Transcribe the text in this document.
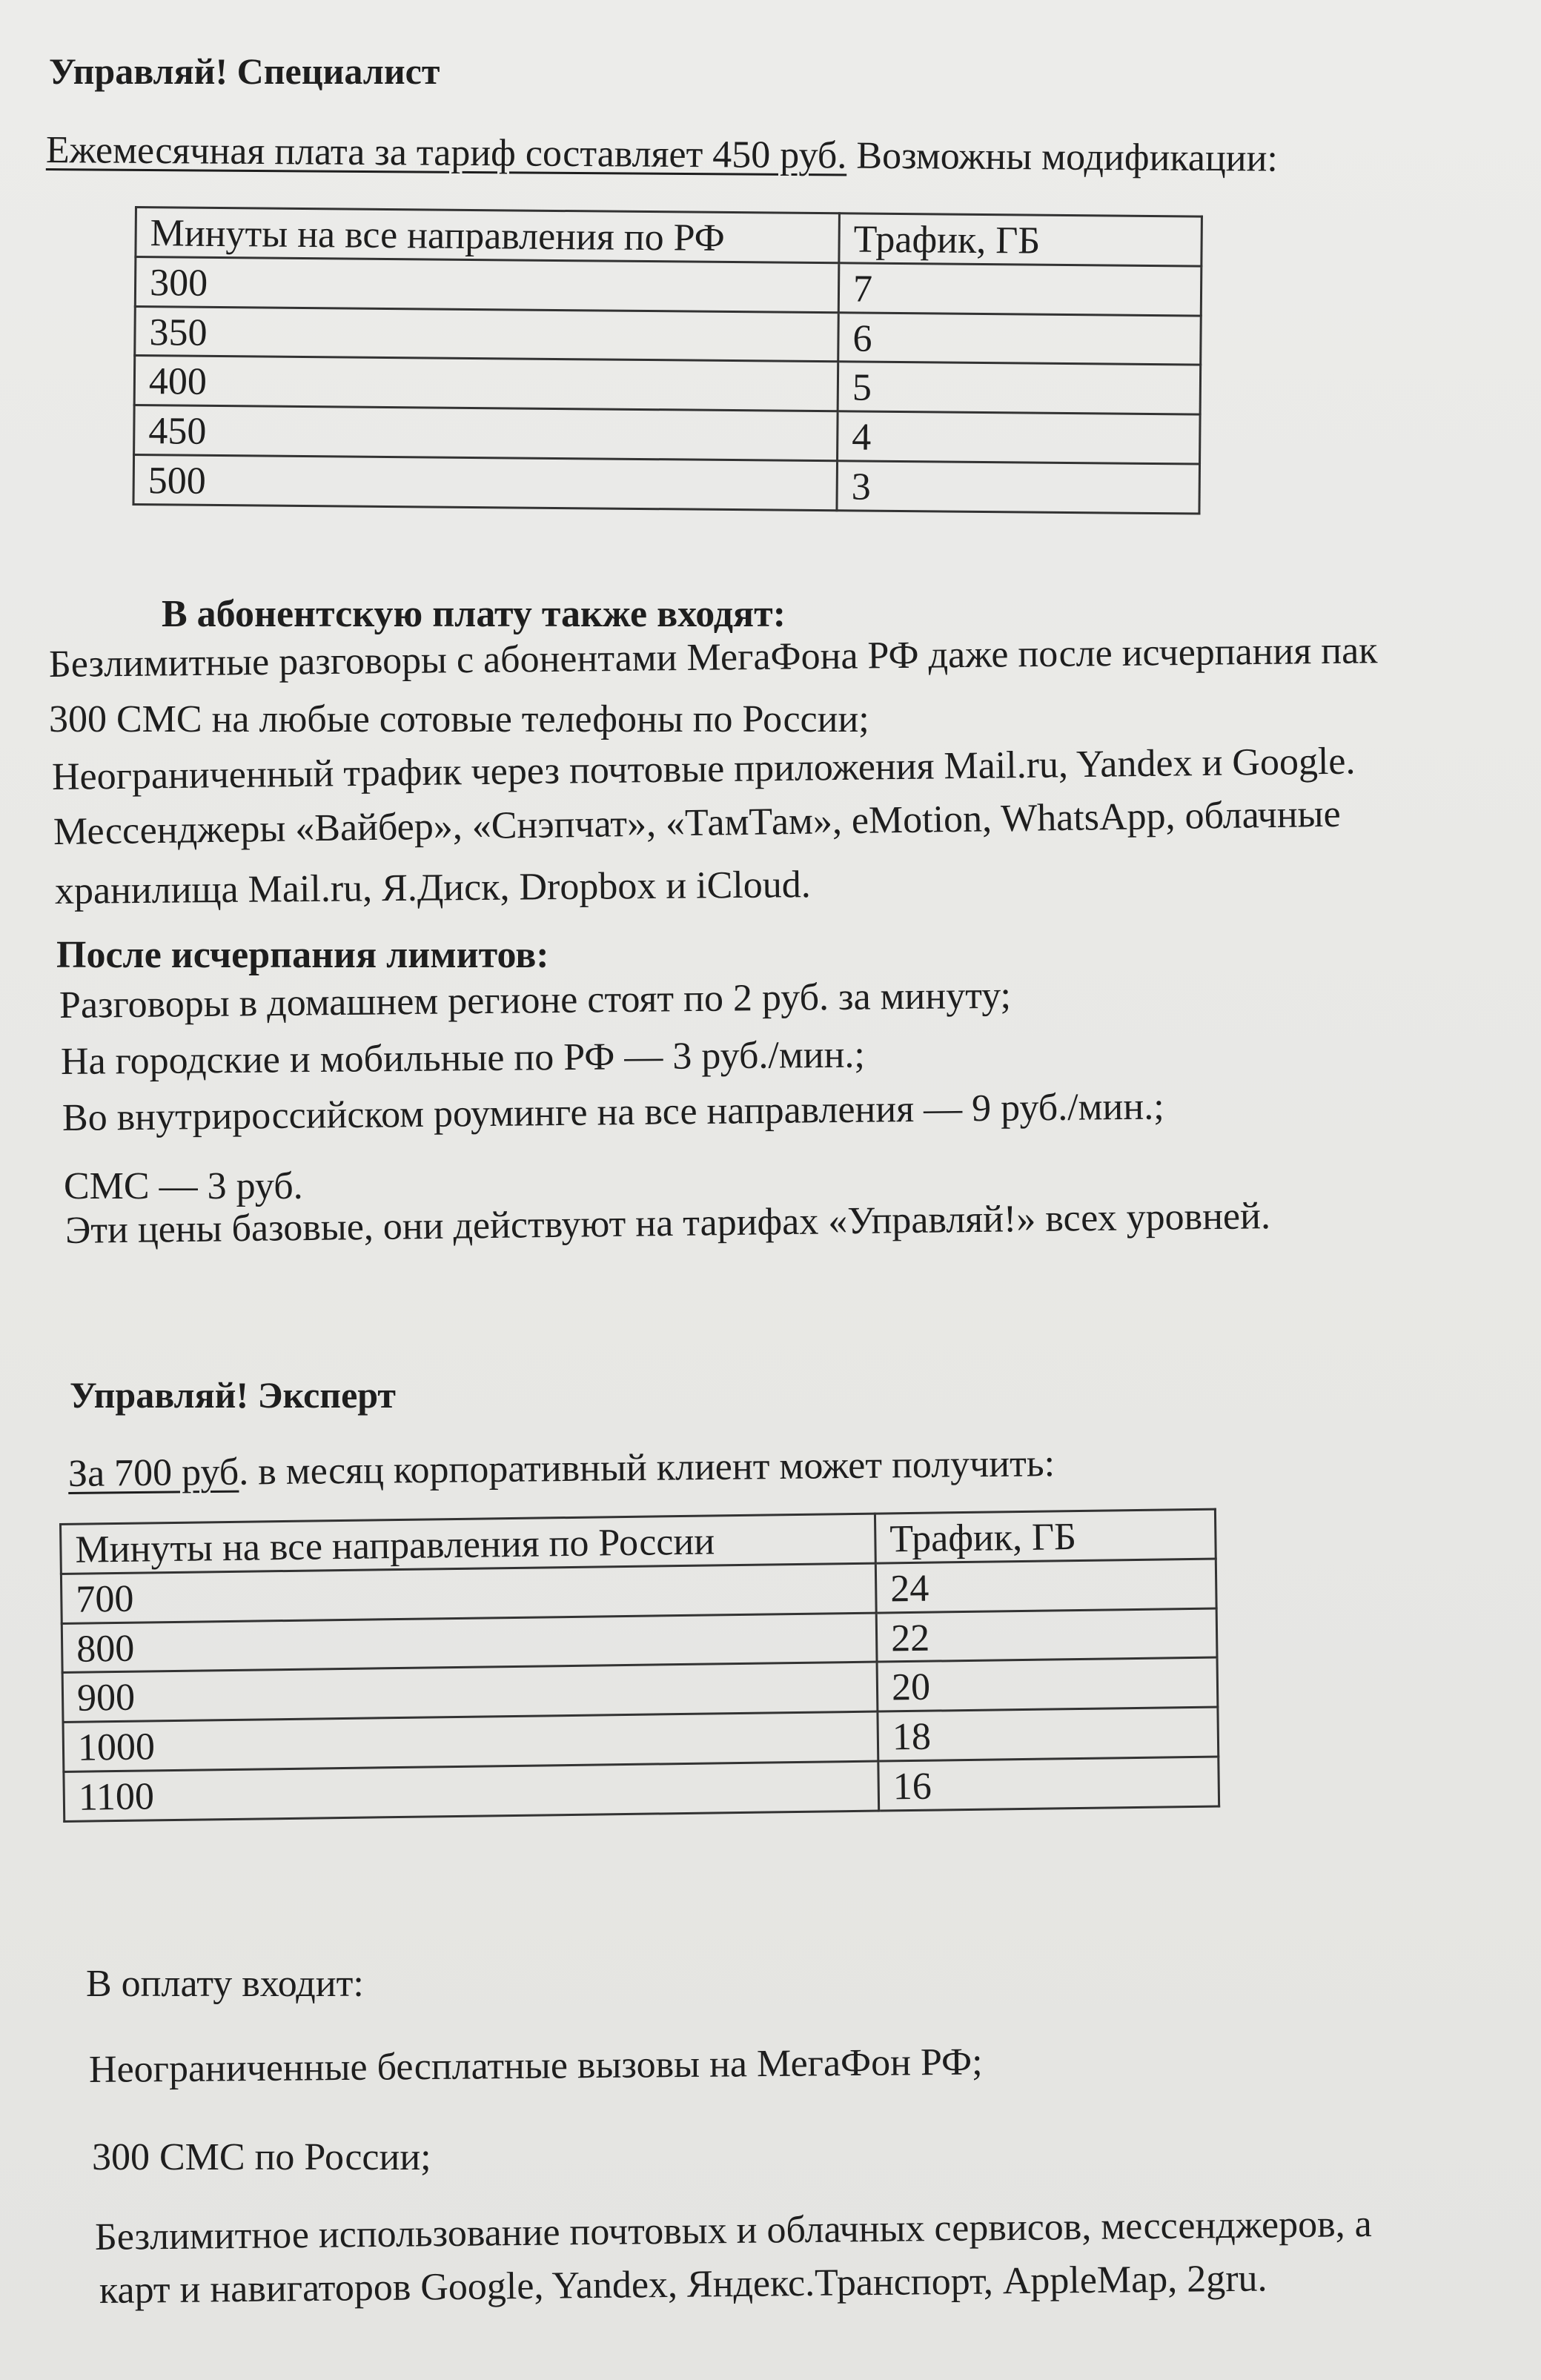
Управляй! Специалист
Ежемесячная плата за тариф составляет 450 руб. Возможны модификации:
Минуты на все направления по РФ	Трафик, ГБ
300	7
350	6
400	5
450	4
500	3
В абонентскую плату также входят:
Безлимитные разговоры с абонентами МегаФона РФ даже после исчерпания пак
300 СМС на любые сотовые телефоны по России;
Неограниченный трафик через почтовые приложения Mail.ru, Yandex и Google.
Мессенджеры «Вайбер», «Снэпчат», «ТамТам», eMotion, WhatsApp, облачные
хранилища Mail.ru, Я.Диск, Dropbox и iCloud.
После исчерпания лимитов:
Разговоры в домашнем регионе стоят по 2 руб. за минуту;
На городские и мобильные по РФ — 3 руб./мин.;
Во внутрироссийском роуминге на все направления — 9 руб./мин.;
СМС — 3 руб.
Эти цены базовые, они действуют на тарифах «Управляй!» всех уровней.
Управляй! Эксперт
За 700 руб. в месяц корпоративный клиент может получить:
Минуты на все направления по России	Трафик, ГБ
700	24
800	22
900	20
1000	18
1100	16
В оплату входит:
Неограниченные бесплатные вызовы на МегаФон РФ;
300 СМС по России;
Безлимитное использование почтовых и облачных сервисов, мессенджеров, а
карт и навигаторов Google, Yandex, Яндекс.Транспорт, AppleMap, 2gru.
